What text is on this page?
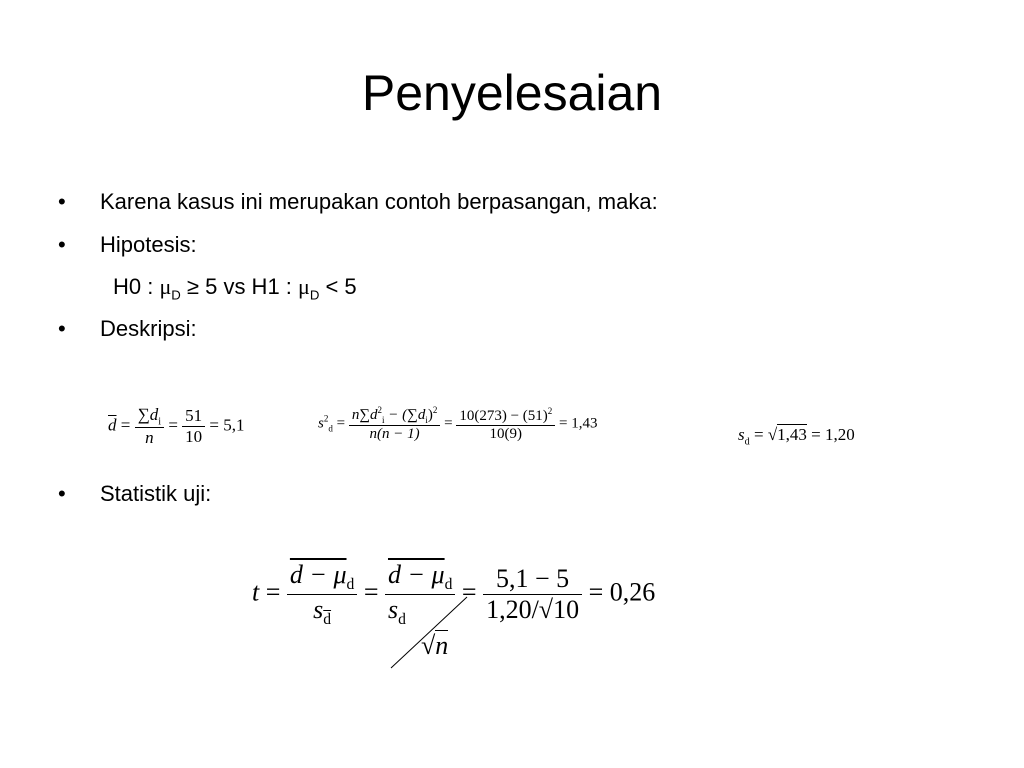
Penyelesaian
• Karena kasus ini merupakan contoh berpasangan, maka:
• Hipotesis:
H0 : $\mu_D \ge 5$ vs H1 : $\mu_D < 5$
• Deskripsi:
$\overline{d} = \frac{\sum d_i}{n} = \frac{51}{10} = 5,1$	$s^2_d = \frac{n\sum d^2_i - (\sum d_i)^2}{n(n - 1)} = \frac{10(273) - (51)^2}{10(9)} = 1,43$
$s_d = √1,43 = 1,20$
• Statistik uji:
$t = \frac{d - \mu_d}{s_{\overline{d}}} = d - \mu_d$
$s_d$
$√n = \frac{5,1 - 5}{1,20/√10} = 0,26$
